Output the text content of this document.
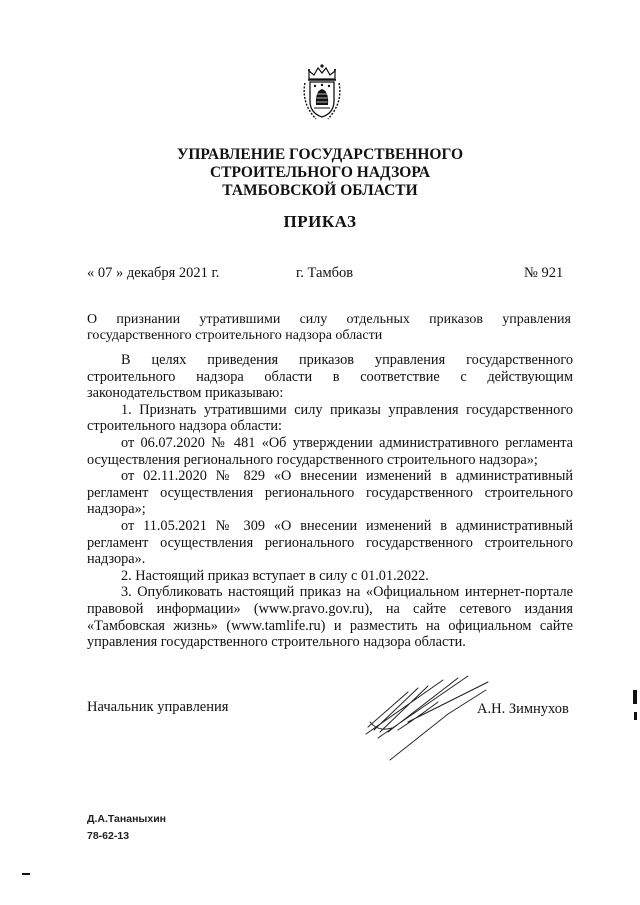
УПРАВЛЕНИЕ ГОСУДАРСТВЕННОГО
СТРОИТЕЛЬНОГО НАДЗОРА
ТАМБОВСКОЙ ОБЛАСТИ
ПРИКАЗ
« 07 » декабря 2021 г.	г. Тамбов	№ 921
О признании утратившими силу отдельных приказов управления государственного строительного надзора области

В целях приведения приказов управления государственного строительного надзора области в соответствие с действующим законодательством приказываю:

1. Признать утратившими силу приказы управления государственного строительного надзора области:

от 06.07.2020 № 481 «Об утверждении административного регламента осуществления регионального государственного строительного надзора»;

от 02.11.2020 № 829 «О внесении изменений в административный регламент осуществления регионального государственного строительного надзора»;

от 11.05.2021 № 309 «О внесении изменений в административный регламент осуществления регионального государственного строительного надзора».

2. Настоящий приказ вступает в силу с 01.01.2022.

3. Опубликовать настоящий приказ на «Официальном интернет-портале правовой информации» (www.pravo.gov.ru), на сайте сетевого издания «Тамбовская жизнь» (www.tamlife.ru) и разместить на официальном сайте управления государственного строительного надзора области.

Начальник управления	А.Н. Зимнухов
Д.А.Тананыхин
78-62-13
